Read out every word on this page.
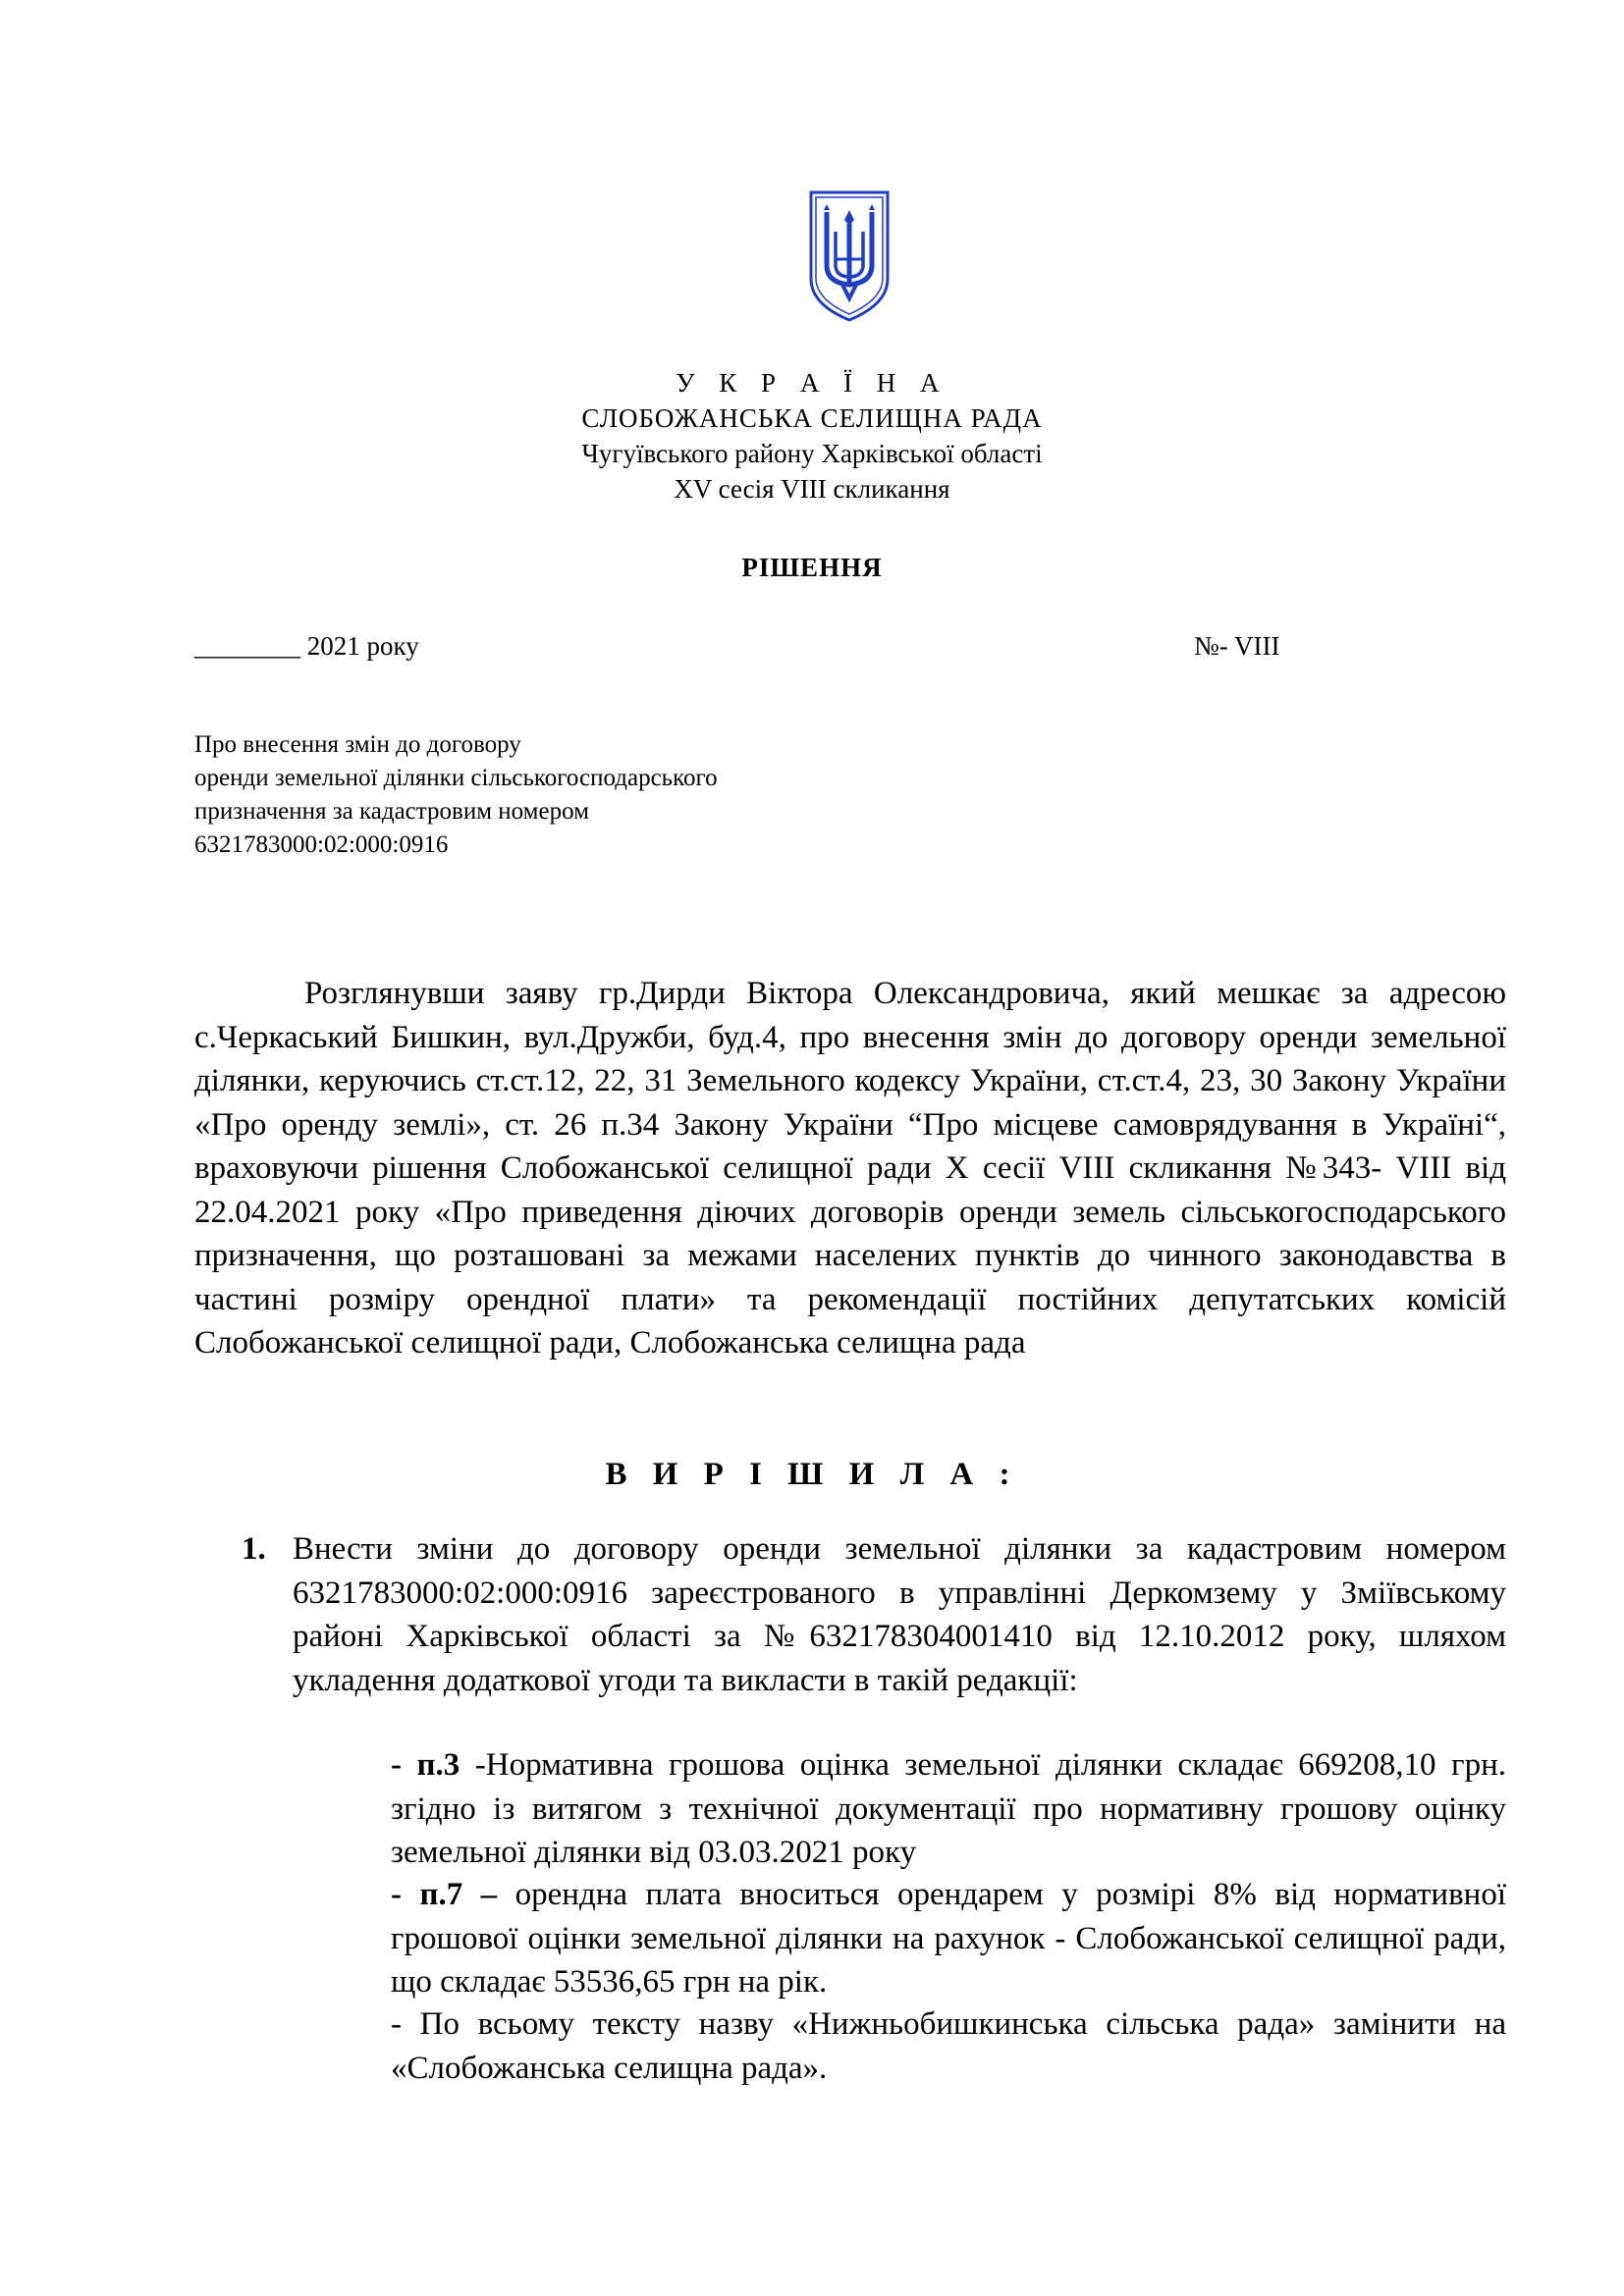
У К Р А Ї Н А
СЛОБОЖАНСЬКА СЕЛИЩНА РАДА
Чугуївського району Харківської області
XV сесія VIII скликання
РІШЕННЯ
________ 2021 року	№- VIII
Про внесення змін до договору
оренди земельної ділянки сільськогосподарського
призначення за кадастровим номером
6321783000:02:000:0916

Розглянувши заяву гр.Дирди Віктора Олександровича, який мешкає за адресою с.Черкаський Бишкин, вул.Дружби, буд.4, про внесення змін до договору оренди земельної ділянки, керуючись ст.ст.12, 22, 31 Земельного кодексу України, ст.ст.4, 23, 30 Закону України «Про оренду землі», ст. 26 п.34 Закону України “Про місцеве самоврядування в Україні“, враховуючи рішення Слобожанської селищної ради X сесії VIII скликання №343- VIII від 22.04.2021 року «Про приведення діючих договорів оренди земель сільськогосподарського призначення, що розташовані за межами населених пунктів до чинного законодавства в частині розміру орендної плати» та рекомендації постійних депутатських комісій Слобожанської селищної ради, Слобожанська селищна рада

В И Р І Ш И Л А :
1. Внести зміни до договору оренди земельної ділянки за кадастровим номером 6321783000:02:000:0916 зареєстрованого в управлінні Деркомзему у Зміївському районі Харківської області за №632178304001410 від 12.10.2012 року, шляхом укладення додаткової угоди та викласти в такій редакції:
- п.3 -Нормативна грошова оцінка земельної ділянки складає 669208,10 грн. згідно із витягом з технічної документації про нормативну грошову оцінку земельної ділянки від 03.03.2021 року
- п.7 – орендна плата вноситься орендарем у розмірі 8% від нормативної грошової оцінки земельної ділянки на рахунок - Слобожанської селищної ради, що складає 53536,65 грн на рік.
- По всьому тексту назву «Нижньобишкинська сільська рада» замінити на «Слобожанська селищна рада».
